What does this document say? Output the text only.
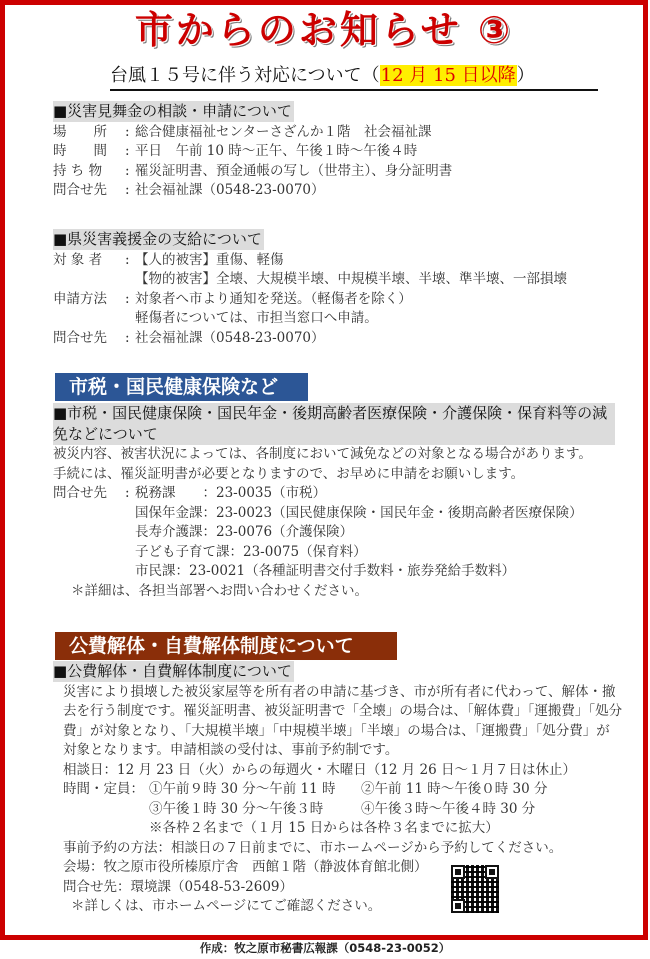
市からのお知らせ ③
台風１５号に伴う対応について（12 月 15 日以降）
■災害見舞金の相談・申請について
場　　所	: 総合健康福祉センターさざんか１階　社会福祉課
時　　間	: 平日　午前 10 時～正午、午後１時～午後４時
持 ち 物	: 罹災証明書、預金通帳の写し（世帯主）、身分証明書
問合せ先	: 社会福祉課（0548-23-0070）
■県災害義援金の支給について
対 象 者	: 【人的被害】重傷、軽傷
【物的被害】全壊、大規模半壊、中規模半壊、半壊、準半壊、一部損壊
申請方法	: 対象者へ市より通知を発送。（軽傷者を除く）
軽傷者については、市担当窓口へ申請。
問合せ先	: 社会福祉課（0548-23-0070）
市税・国民健康保険など
■市税・国民健康保険・国民年金・後期高齢者医療保険・介護保険・保育料等の減免などについて
被災内容、被害状況によっては、各制度において減免などの対象となる場合があります。
手続には、罹災証明書が必要となりますので、お早めに申請をお願いします。
問合せ先	: 税務課　　：23-0035（市税）
国保年金課：23-0023（国民健康保険・国民年金・後期高齢者医療保険）
長寿介護課：23-0076（介護保険）
子ども子育て課：23-0075（保育料）
市民課：23-0021（各種証明書交付手数料・旅券発給手数料）
＊詳細は、各担当部署へお問い合わせください。
公費解体・自費解体制度について
■公費解体・自費解体制度について
災害により損壊した被災家屋等を所有者の申請に基づき、市が所有者に代わって、解体・撤去を行う制度です。罹災証明書、被災証明書で「全壊」の場合は、「解体費」「運搬費」「処分費」が対象となり、「大規模半壊」「中規模半壊」「半壊」の場合は、「運搬費」「処分費」が対象となります。申請相談の受付は、事前予約制です。
相談日：12 月 23 日（火）からの毎週火・木曜日（12 月 26 日～１月７日は休止）
時間・定員： ①午前９時 30 分～午前 11 時	②午前 11 時～午後０時 30 分
③午後１時 30 分～午後３時	④午後３時～午後４時 30 分
※各枠２名まで（１月 15 日からは各枠３名までに拡大）
事前予約の方法：相談日の７日前までに、市ホームページから予約してください。
会場：牧之原市役所榛原庁舎　西館１階（静波体育館北側）
問合せ先：環境課（0548-53-2609）
＊詳しくは、市ホームページにてご確認ください。
作成：牧之原市秘書広報課（0548-23-0052）
